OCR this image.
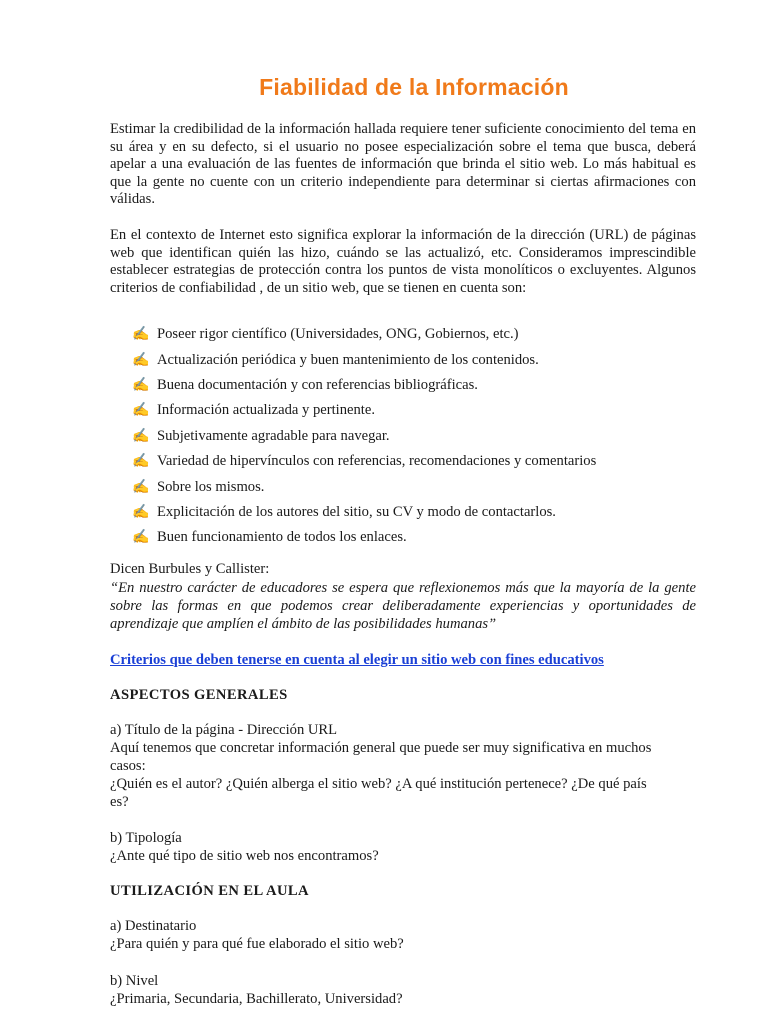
Fiabilidad de la Información
Estimar la credibilidad de la información hallada requiere tener suficiente conocimiento del tema en su área y en su defecto, si el usuario no posee especialización sobre el tema que busca, deberá apelar a una evaluación de las fuentes de información que brinda el sitio web. Lo más habitual es que la gente no cuente con un criterio independiente para determinar si ciertas afirmaciones con válidas.
En el contexto de Internet esto significa explorar la información de la dirección (URL) de páginas web que identifican quién las hizo, cuándo se las actualizó, etc. Consideramos imprescindible establecer estrategias de protección contra los puntos de vista monolíticos o excluyentes. Algunos criterios de confiabilidad , de un sitio web, que se tienen en cuenta son:
✍ Poseer rigor científico (Universidades, ONG, Gobiernos, etc.)
✍ Actualización periódica y buen mantenimiento de los contenidos.
✍ Buena documentación y con referencias bibliográficas.
✍ Información actualizada y pertinente.
✍ Subjetivamente agradable para navegar.
✍ Variedad de hipervínculos con referencias, recomendaciones y comentarios
✍ Sobre los mismos.
✍ Explicitación de los autores del sitio, su CV y modo de contactarlos.
✍ Buen funcionamiento de todos los enlaces.
Dicen Burbules y Callister:
“En nuestro carácter de educadores se espera que reflexionemos más que la mayoría de la gente sobre las formas en que podemos crear deliberadamente experiencias y oportunidades de aprendizaje que amplíen el ámbito de las posibilidades humanas”
Criterios que deben tenerse en cuenta al elegir un sitio web con fines educativos
ASPECTOS GENERALES
a) Título de la página - Dirección URL
Aquí tenemos que concretar información general que puede ser muy significativa en muchos
casos:
¿Quién es el autor? ¿Quién alberga el sitio web? ¿A qué institución pertenece? ¿De qué país
es?
b) Tipología
¿Ante qué tipo de sitio web nos encontramos?
UTILIZACIÓN EN EL AULA
a) Destinatario
¿Para quién y para qué fue elaborado el sitio web?
b) Nivel
¿Primaria, Secundaria, Bachillerato, Universidad?
